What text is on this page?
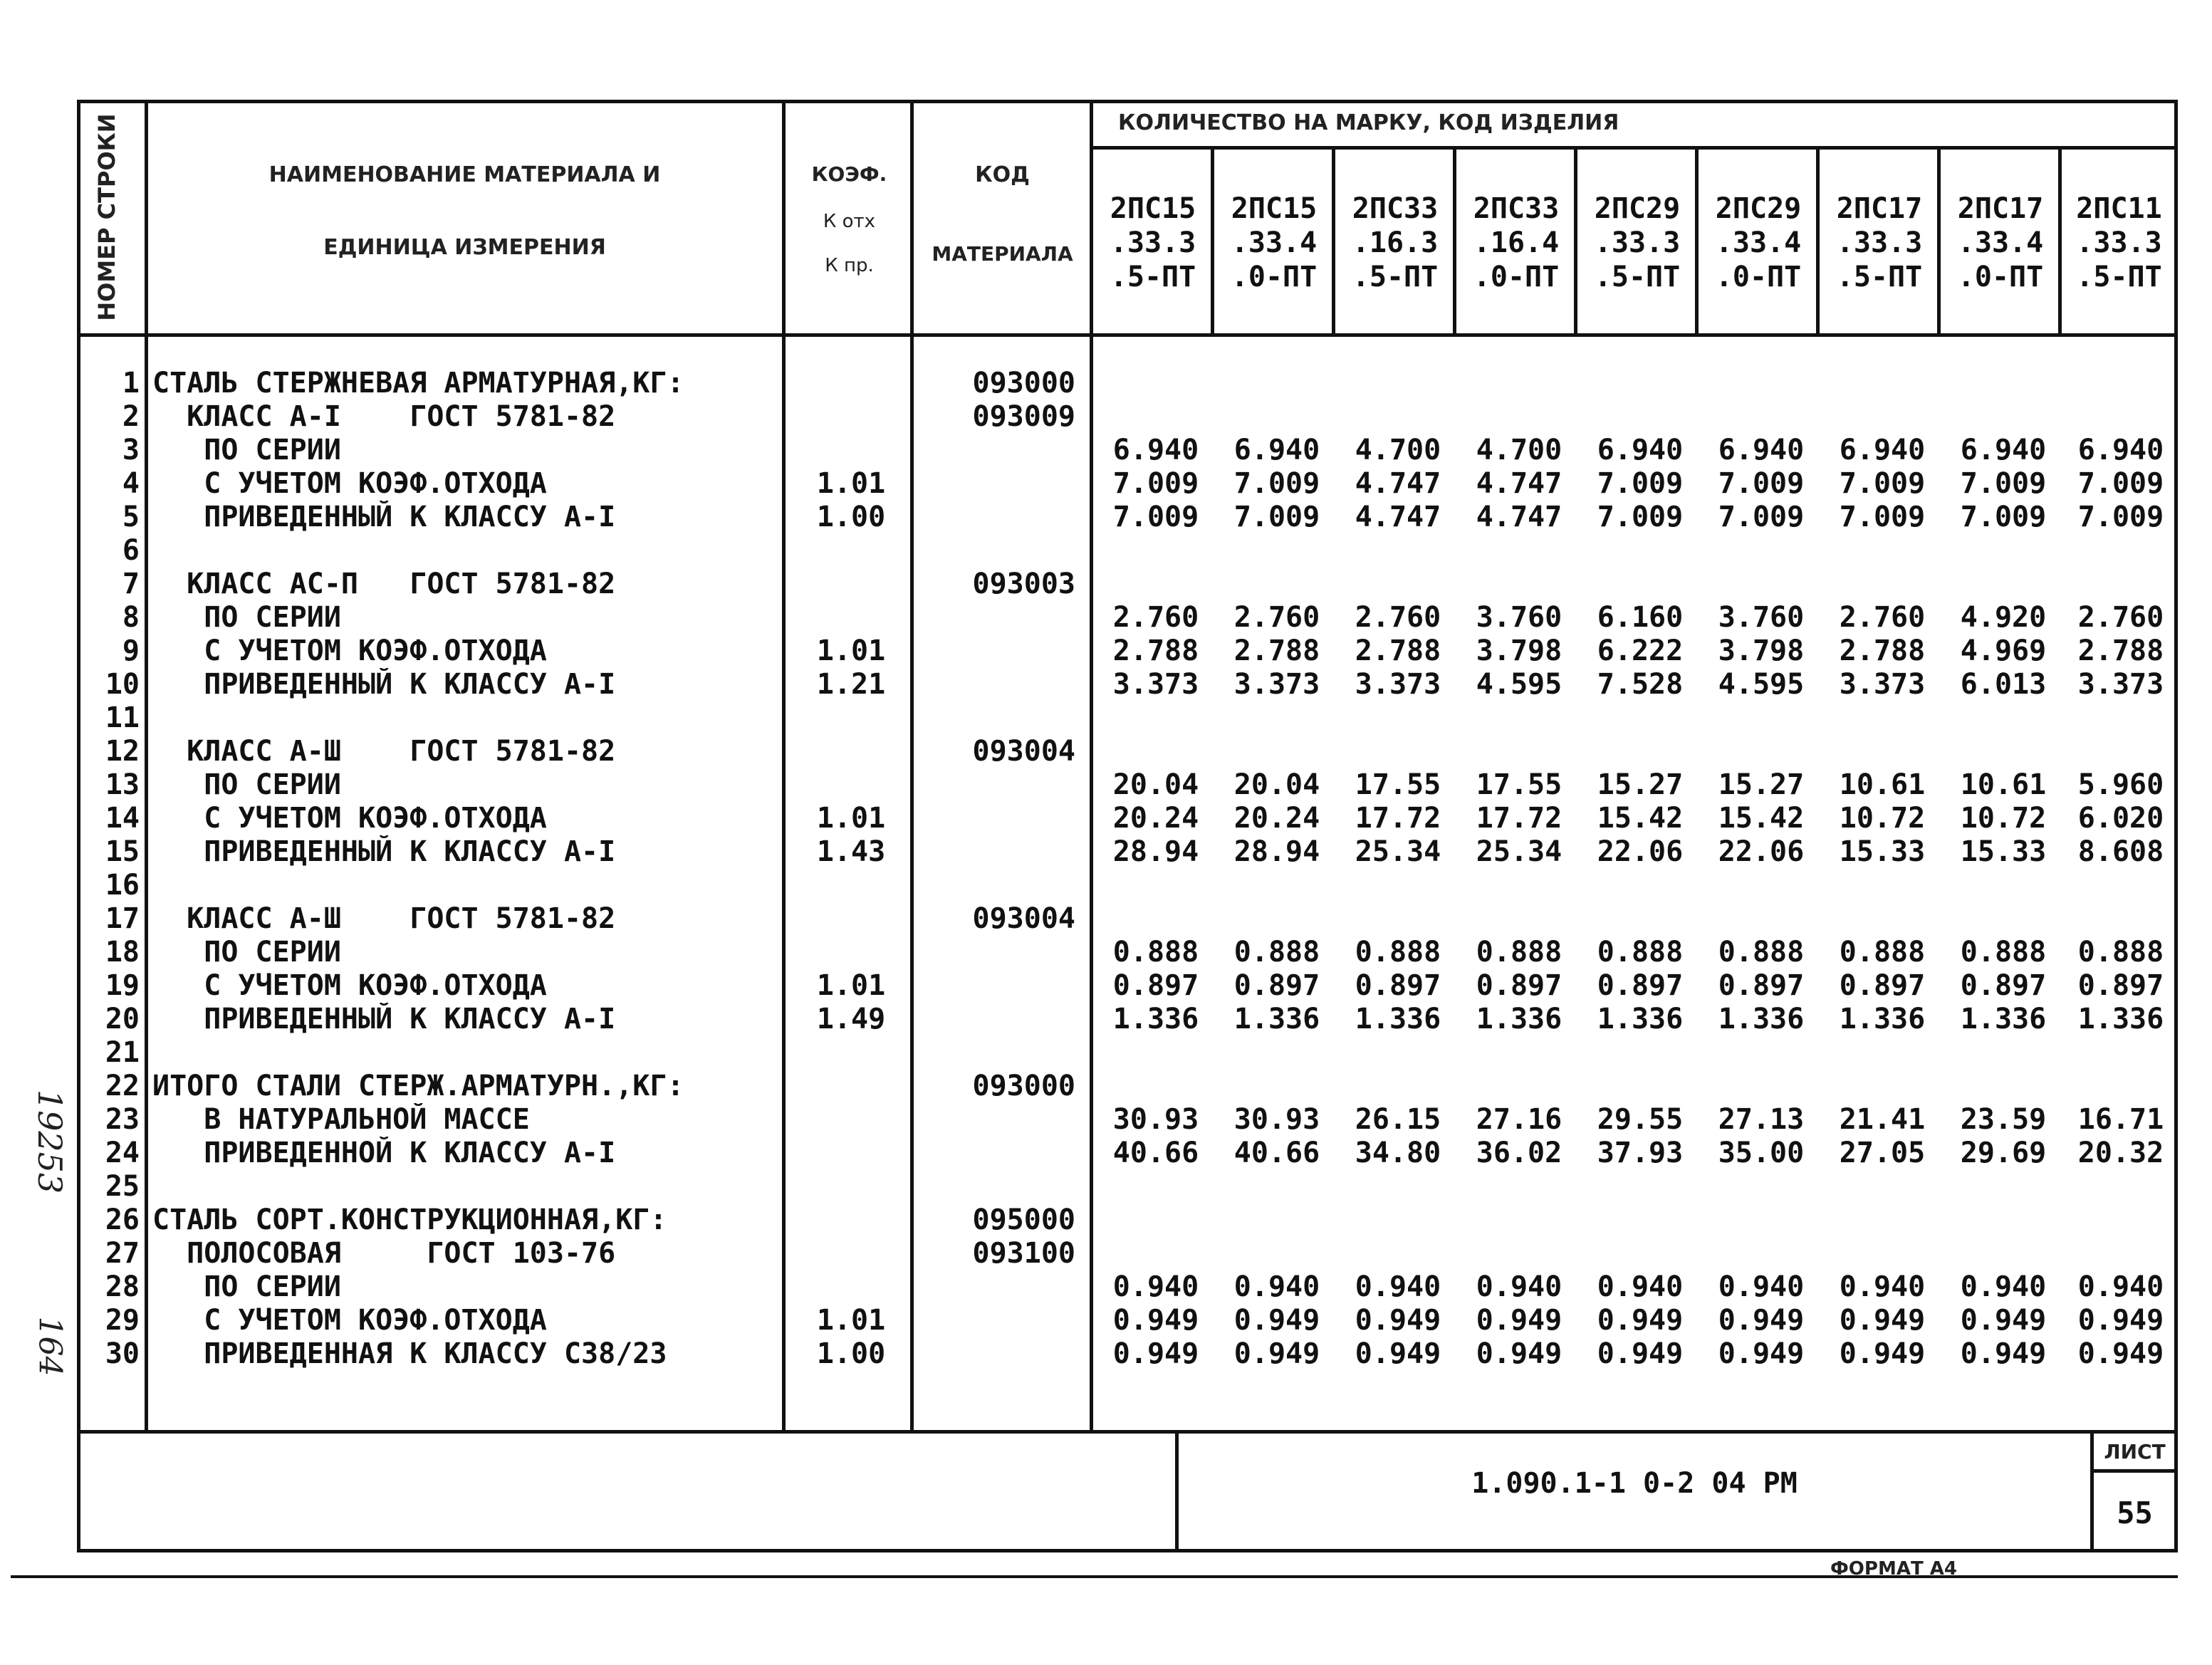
НОМЕР СТРОКИ	НАИМЕНОВАНИЕ МАТЕРИАЛА И
ЕДИНИЦА ИЗМЕРЕНИЯ
КОЭФ.
К отх
К пр.
КОД
МАТЕРИАЛА
КОЛИЧЕСТВО НА МАРКУ, КОД ИЗДЕЛИЯ
2ПС15
.33.3
.5-ПТ
2ПС15
.33.4
.0-ПТ
2ПС33
.16.3
.5-ПТ
2ПС33
.16.4
.0-ПТ
2ПС29
.33.3
.5-ПТ
2ПС29
.33.4
.0-ПТ
2ПС17
.33.3
.5-ПТ
2ПС17
.33.4
.0-ПТ
2ПС11
.33.3
.5-ПТ
1
2
3
4
5
6
7
8
9
10
11
12
13
14
15
16
17
18
19
20
21
22
23
24
25
26
27
28
29
30
СТАЛЬ СТЕРЖНЕВАЯ АРМАТУРНАЯ,КГ:
КЛАСС А-I    ГОСТ 5781-82
ПО СЕРИИ
С УЧЕТОМ КОЭФ.ОТХОДА
ПРИВЕДЕННЫЙ К КЛАССУ А-I
КЛАСС АС-П   ГОСТ 5781-82
ПО СЕРИИ
С УЧЕТОМ КОЭФ.ОТХОДА
ПРИВЕДЕННЫЙ К КЛАССУ А-I
КЛАСС А-Ш    ГОСТ 5781-82
ПО СЕРИИ
С УЧЕТОМ КОЭФ.ОТХОДА
ПРИВЕДЕННЫЙ К КЛАССУ А-I
КЛАСС А-Ш    ГОСТ 5781-82
ПО СЕРИИ
С УЧЕТОМ КОЭФ.ОТХОДА
ПРИВЕДЕННЫЙ К КЛАССУ А-I
ИТОГО СТАЛИ СТЕРЖ.АРМАТУРН.,КГ:
В НАТУРАЛЬНОЙ МАССЕ
ПРИВЕДЕННОЙ К КЛАССУ А-I
СТАЛЬ СОРТ.КОНСТРУКЦИОННАЯ,КГ:
ПОЛОСОВАЯ     ГОСТ 103-76
ПО СЕРИИ
С УЧЕТОМ КОЭФ.ОТХОДА
ПРИВЕДЕННАЯ К КЛАССУ С38/23
1.01
1.00
1.01
1.21
1.01
1.43
1.01
1.49
1.01
1.00
093000
093009
093003
093004
093004
093000
095000
093100
6.940
7.009
7.009
2.760
2.788
3.373
20.04
20.24
28.94
0.888
0.897
1.336
30.93
40.66
0.940
0.949
0.949
6.940
7.009
7.009
2.760
2.788
3.373
20.04
20.24
28.94
0.888
0.897
1.336
30.93
40.66
0.940
0.949
0.949
4.700
4.747
4.747
2.760
2.788
3.373
17.55
17.72
25.34
0.888
0.897
1.336
26.15
34.80
0.940
0.949
0.949
4.700
4.747
4.747
3.760
3.798
4.595
17.55
17.72
25.34
0.888
0.897
1.336
27.16
36.02
0.940
0.949
0.949
6.940
7.009
7.009
6.160
6.222
7.528
15.27
15.42
22.06
0.888
0.897
1.336
29.55
37.93
0.940
0.949
0.949
6.940
7.009
7.009
3.760
3.798
4.595
15.27
15.42
22.06
0.888
0.897
1.336
27.13
35.00
0.940
0.949
0.949
6.940
7.009
7.009
2.760
2.788
3.373
10.61
10.72
15.33
0.888
0.897
1.336
21.41
27.05
0.940
0.949
0.949
6.940
7.009
7.009
4.920
4.969
6.013
10.61
10.72
15.33
0.888
0.897
1.336
23.59
29.69
0.940
0.949
0.949
6.940
7.009
7.009
2.760
2.788
3.373
5.960
6.020
8.608
0.888
0.897
1.336
16.71
20.32
0.940
0.949
0.949
1.090.1-1 0-2 04 РМ
ЛИСТ
55
ФОРМАТ А4
19253
164
